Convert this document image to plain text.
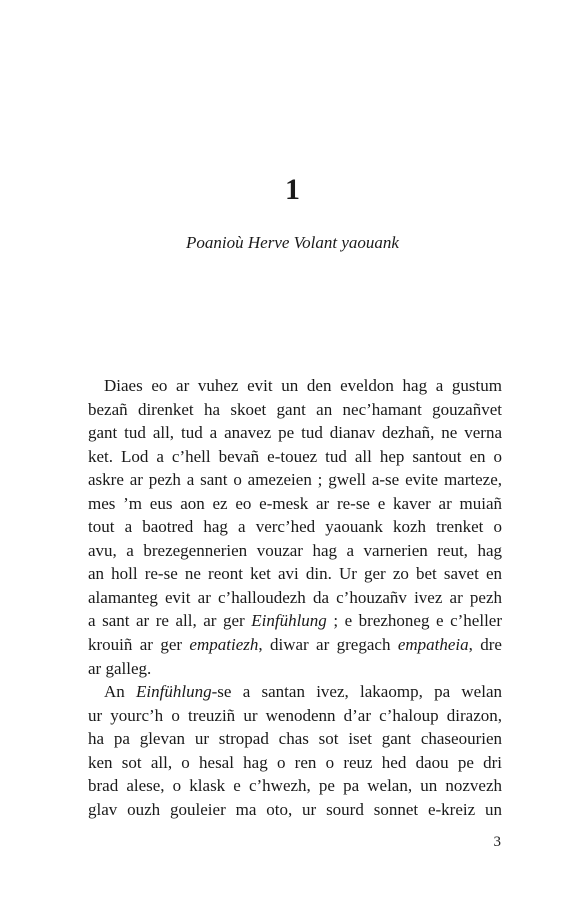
1
Poanioù Herve Volant yaouank
Diaes eo ar vuhez evit un den eveldon hag a gustum
bezañ direnket ha skoet gant an nec’hamant gouzañvet
gant tud all, tud a anavez pe tud dianav dezhañ, ne verna
ket. Lod a c’hell bevañ e-touez tud all hep santout en o
askre ar pezh a sant o amezeien ; gwell a-se evite marteze,
mes ’m eus aon ez eo e-mesk ar re-se e kaver ar muiañ
tout a baotred hag a verc’hed yaouank kozh trenket o
avu, a brezegennerien vouzar hag a varnerien reut, hag
an holl re-se ne reont ket avi din. Ur ger zo bet savet en
alamanteg evit ar c’halloudezh da c’houzañv ivez ar pezh
a sant ar re all, ar ger Einfühlung ; e brezhoneg e c’heller
krouiñ ar ger empatiezh, diwar ar gregach empatheia, dre
ar galleg.
An Einfühlung-se a santan ivez, lakaomp, pa welan
ur yourc’h o treuziñ ur wenodenn d’ar c’haloup dirazon,
ha pa glevan ur stropad chas sot iset gant chaseourien
ken sot all, o hesal hag o ren o reuz hed daou pe dri
brad alese, o klask e c’hwezh, pe pa welan, un nozvezh
glav ouzh gouleier ma oto, ur sourd sonnet e-kreiz un
3
